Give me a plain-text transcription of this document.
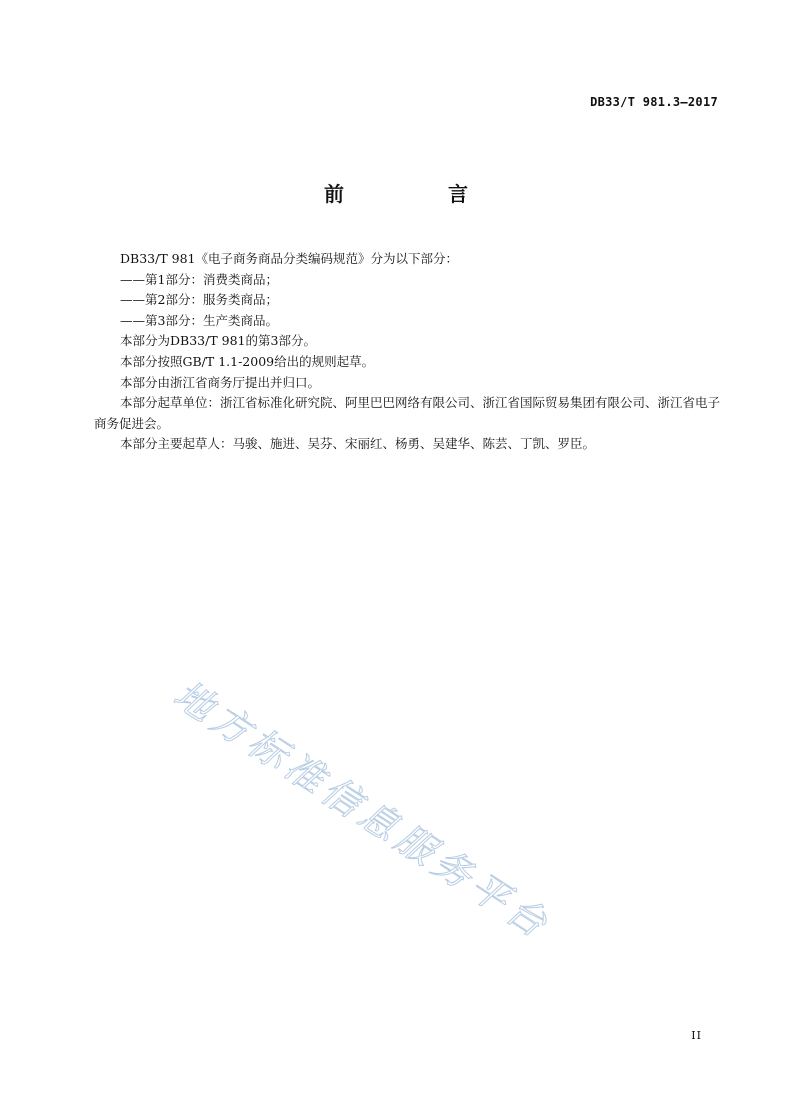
DB33/T 981.3—2017
前　言

DB33/T 981《电子商务商品分类编码规范》分为以下部分：

——第1部分：消费类商品；

——第2部分：服务类商品；

——第3部分：生产类商品。

本部分为DB33/T 981的第3部分。

本部分按照GB/T 1.1-2009给出的规则起草。

本部分由浙江省商务厅提出并归口。

本部分起草单位：浙江省标准化研究院、阿里巴巴网络有限公司、浙江省国际贸易集团有限公司、浙江省电子商务促进会。

本部分主要起草人：马骏、施进、吴芬、宋丽红、杨勇、吴建华、陈芸、丁凯、罗臣。

地方标准信息服务平台
II
